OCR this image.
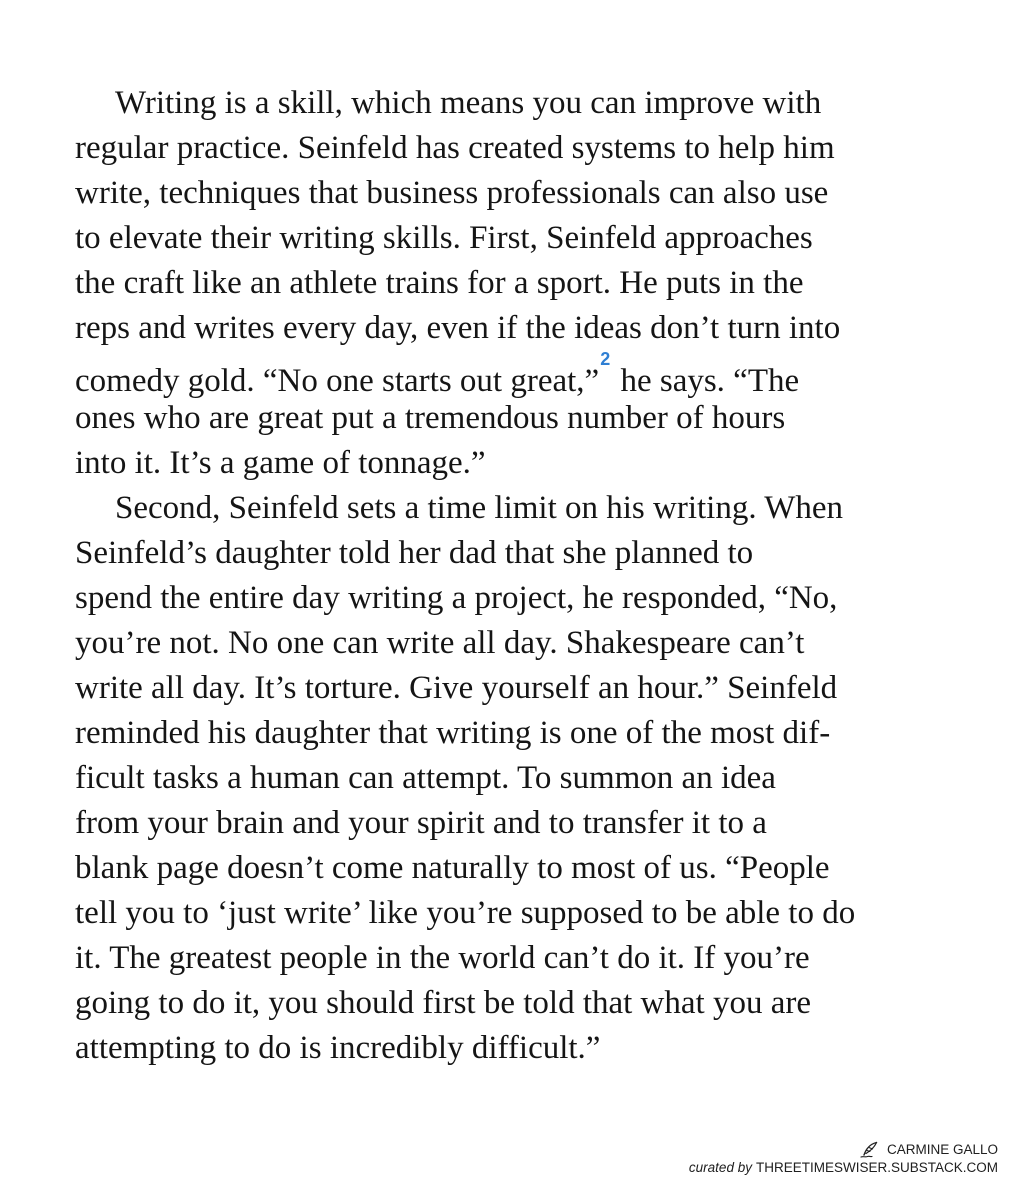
Writing is a skill, which means you can improve with
regular practice. Seinfeld has created systems to help him
write, techniques that business professionals can also use
to elevate their writing skills. First, Seinfeld approaches
the craft like an athlete trains for a sport. He puts in the
reps and writes every day, even if the ideas don’t turn into
comedy gold. “No one starts out great,”$^2$ he says. “The
ones who are great put a tremendous number of hours
into it. It’s a game of tonnage.”
Second, Seinfeld sets a time limit on his writing. When
Seinfeld’s daughter told her dad that she planned to
spend the entire day writing a project, he responded, “No,
you’re not. No one can write all day. Shakespeare can’t
write all day. It’s torture. Give yourself an hour.” Seinfeld
reminded his daughter that writing is one of the most dif-
ficult tasks a human can attempt. To summon an idea
from your brain and your spirit and to transfer it to a
blank page doesn’t come naturally to most of us. “People
tell you to ‘just write’ like you’re supposed to be able to do
it. The greatest people in the world can’t do it. If you’re
going to do it, you should first be told that what you are
attempting to do is incredibly difficult.”
CARMINE GALLO
curated by THREETIMESWISER.SUBSTACK.COM
